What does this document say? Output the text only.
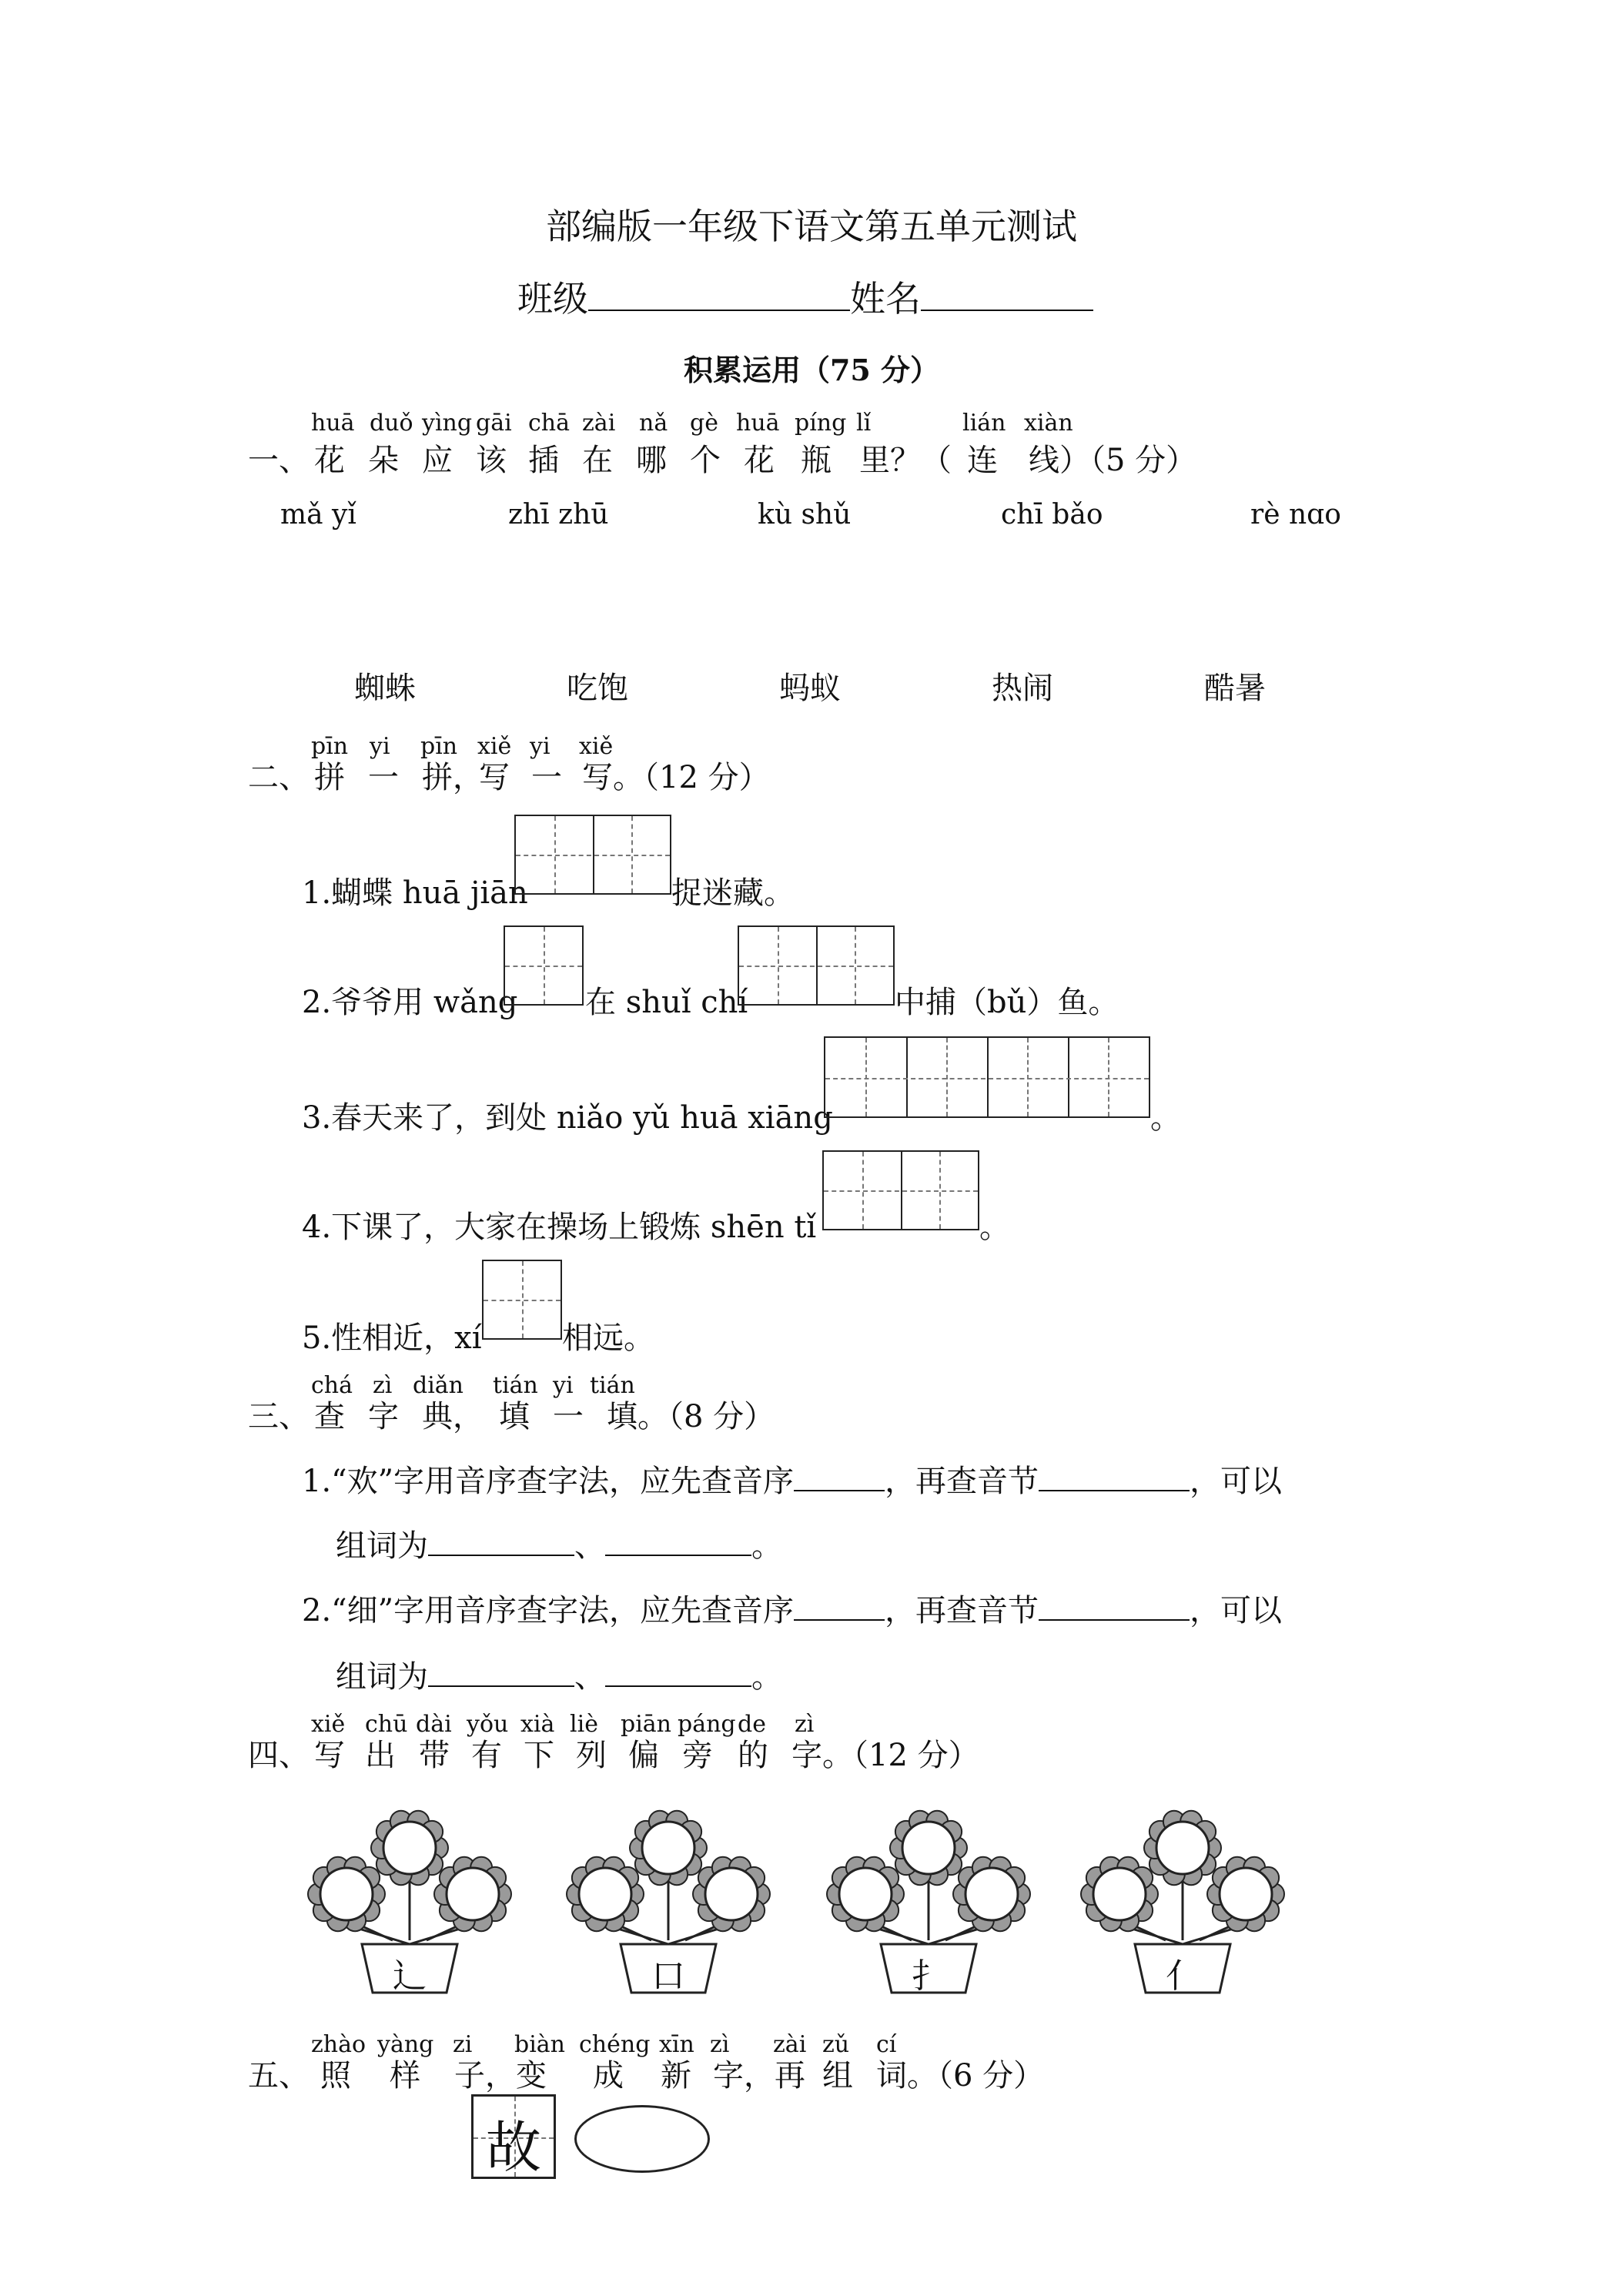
部编版一年级下语文第五单元测试
班级	姓名
积累运用（75 分）
huā duǒ yìng gāi chā zài nǎ gè huā píng lǐ	lián xiàn
一、 花 朵 应 该 插 在 哪 个 花 瓶 里？（ 连 线）（5 分）
mǎ yǐ	zhī zhū	kù shǔ	chī bǎo	rè nɑo
蜘蛛	吃饱	蚂蚁	热闹	酷暑
pīn yi pīn xiě yi xiě
二、 拼 一 拼，
写 一 写。（12 分）
1.蝴蝶 huā jiān	捉迷藏。
2.爷爷用 wǎng 在 shuǐ chí	中捕（bǔ）鱼。
3.春天来了，到处 niǎo yǔ huā xiāng	。
4.下课了，大家在操场上锻炼 shēn tǐ	。
5.性相近，xí	相远。
chá zì diǎn tián yi tián
三、 查 字 典， 填 一 填。（8 分）
1.“欢”字用音序查字法，应先查音序	，再查音节	，可以
组词为	、	。
2.“细”字用音序查字法，应先查音序	，再查音节	，可以
组词为	、	。
xiě chū dài yǒu xià liè piān páng de zì
四、 写 出 带 有 下 列 偏 旁 的 字。（12 分）
辶	口	扌	亻
zhào yàng zi biàn chéng xīn zì zài zǔ cí
五、 照 样 子，变 成 新 字，再 组 词。（6 分）
故
